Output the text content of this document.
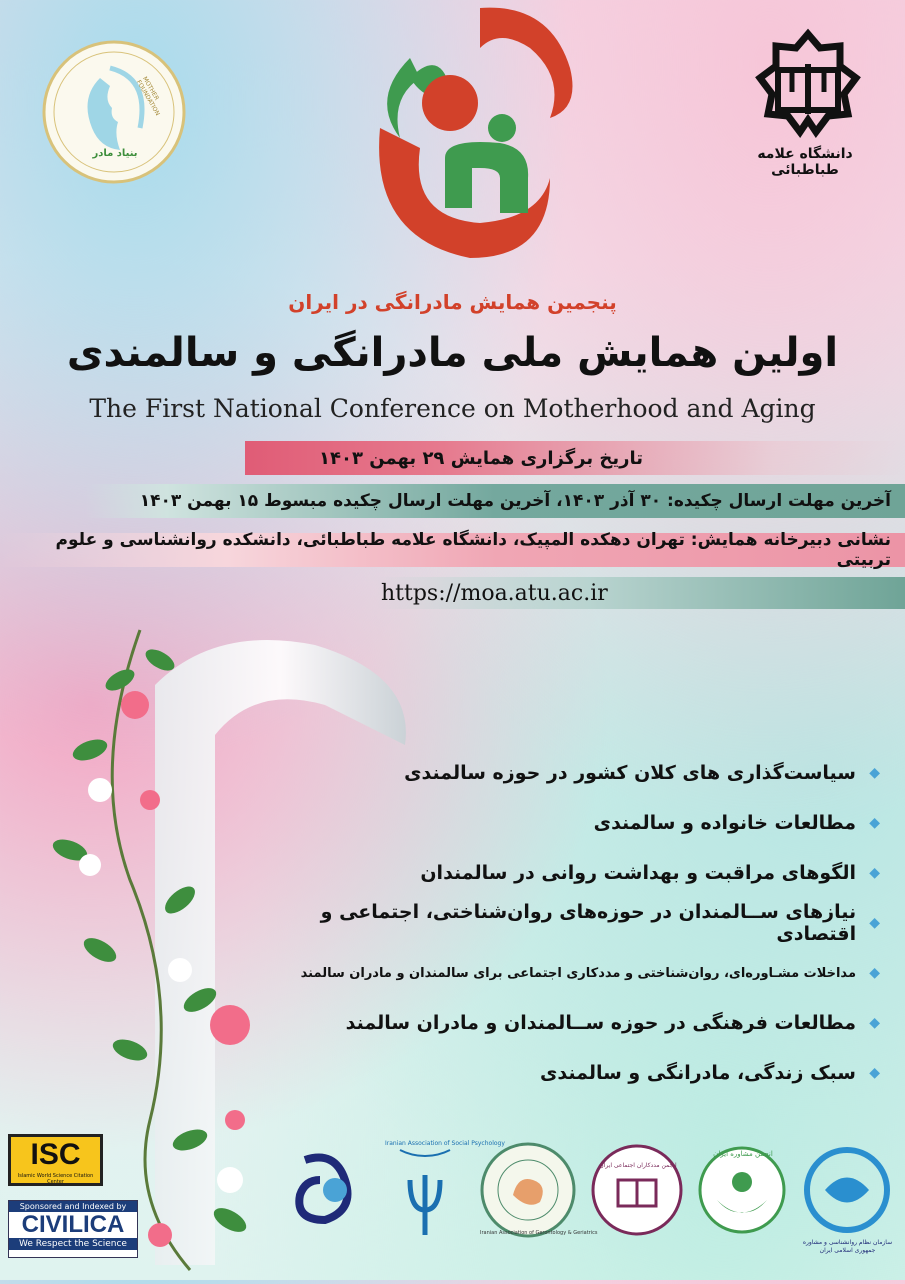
بنیاد مادر
MOTHER FOUNDATION
دانشگاه علامه طباطبائی
پنجمین همایش مادرانگی در ایران
اولین همایش ملی مادرانگی و سالمندی
The First National Conference on Motherhood and Aging
تاریخ برگزاری همایش ۲۹ بهمن ۱۴۰۳
آخرین مهلت ارسال چکیده: ۳۰ آذر ۱۴۰۳، آخرین مهلت ارسال چکیده مبسوط ۱۵ بهمن ۱۴۰۳
نشانی دبیرخانه همایش: تهران دهکده المپیک، دانشگاه علامه طباطبائی، دانشکده روانشناسی و علوم تربیتی
https://moa.atu.ac.ir
◆
سیاست‌گذاری های کلان کشور در حوزه سالمندی
◆
مطالعات خانواده و سالمندی
◆
الگوهای مراقبت و بهداشت روانی در سالمندان
◆
نیازهای ســالمندان در حوزه‌های روان‌شناختی، اجتماعی و اقتصادی
◆
مداخلات مشـاوره‌ای، روان‌شناختی و مددکاری اجتماعی برای سالمندان و مادران سالمند
◆
مطالعات فرهنگی در حوزه ســالمندان و مادران سالمند
◆
سبک زندگی، مادرانگی و سالمندی
ISC
Islamic World Science Citation Center
Sponsored and Indexed by
CIVILICA
We Respect the Science
Iranian Association of Social Psychology
Iranian Association of Gerontology & Geriatrics
انجمن مددکاران اجتماعی ایران
انجمن مشاوره ایران
سازمان نظام روانشناسی و مشاوره جمهوری اسلامی ایران
